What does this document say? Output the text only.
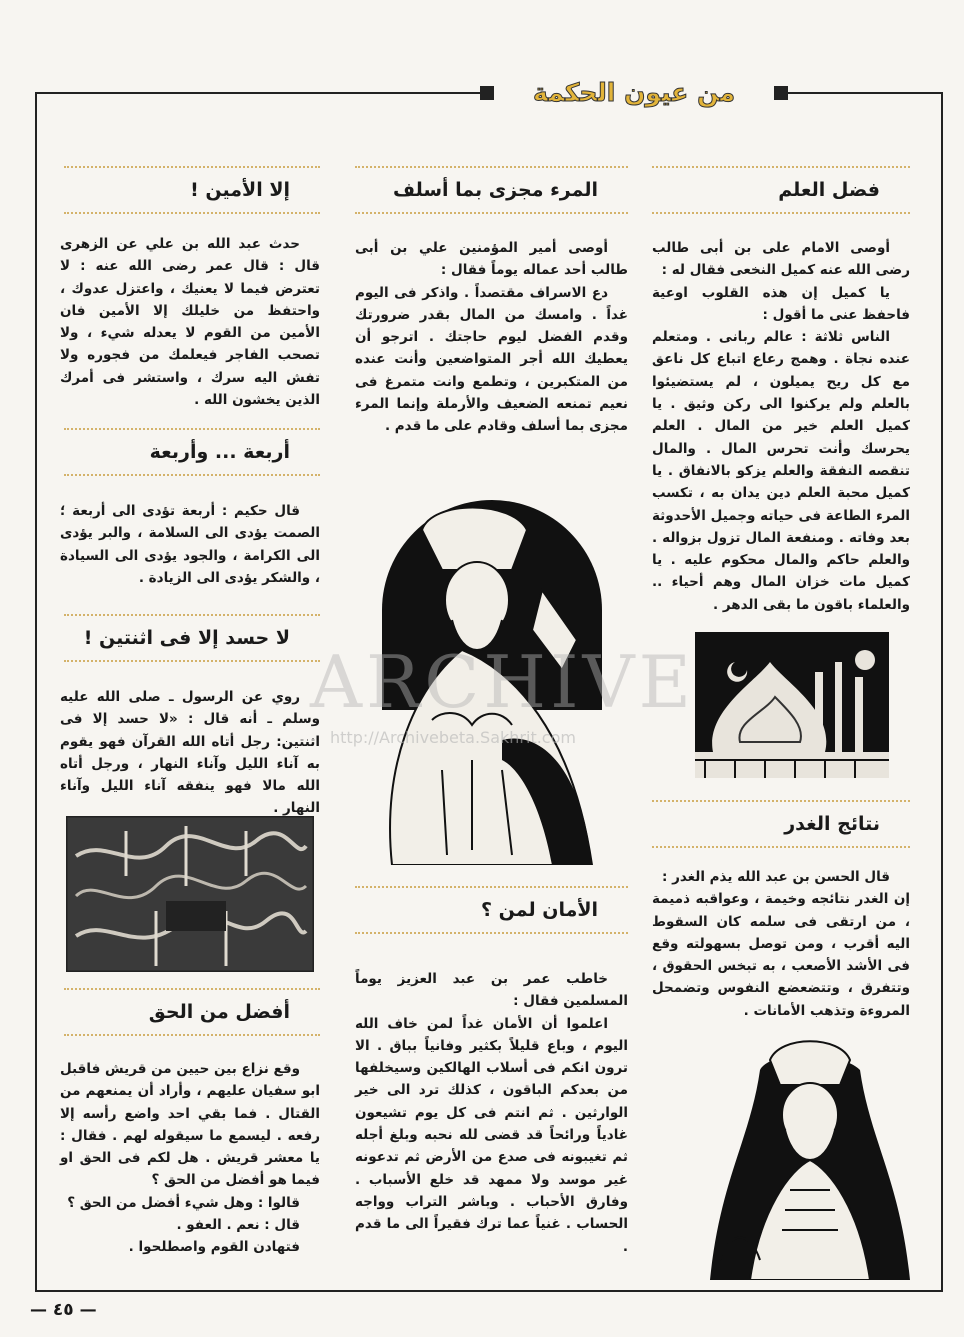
من عيون الحكمة
فضل العلم

أوصى الامام على بن أبى طالب رضى الله عنه كميل النخعى فقال له :

يا كميل إن هذه القلوب اوعية فاحفظ عنى ما أقول :

الناس ثلاثة : عالم ربانى . ومتعلم عنده نجاة . وهمج رعاع اتباع كل ناعق مع كل ريح يميلون ، لم يستضيئوا بالعلم ولم يركنوا الى ركن وثيق . يا كميل العلم خير من المال . العلم يحرسك وأنت تحرس المال . والمال تنقصه النفقة والعلم يزكو بالانفاق . يا كميل محبة العلم دين يدان به ، تكسب المرء الطاعة فى حياته وجميل الأحدوثة بعد وفاته . ومنفعة المال تزول بزواله . والعلم حاكم والمال محكوم عليه . يا كميل مات خزان المال وهم أحياء .. والعلماء باقون ما بقى الدهر .

نتائج الغدر

قال الحسن بن عبد الله يذم الغدر :

إن الغدر نتائجه وخيمة ، وعواقبه ذميمة ، من ارتقى فى سلمه كان السقوط اليه أقرب ، ومن توصل بسهولته وقع فى الأشد الأصعب ، به تبخس الحقوق ، وتتفرق ، وتتضعضع النفوس وتضمحل المروءة وتذهب الأمانات .

المرء مجزى بما أسلف

أوصى أمير المؤمنين علي بن أبى طالب أحد عماله يوماً فقال :

دع الاسراف مقتصداً . واذكر فى اليوم غداً . وامسك من المال بقدر ضرورتك وقدم الفضل ليوم حاجتك . اترجو أن يعطيك الله أجر المتواضعين وأنت عنده من المتكبرين ، وتطمع وانت متمرغ فى نعيم تمنعه الضعيف والأرملة وإنما المرء مجزى بما أسلف وقادم على ما قدم .

الأمان لمن ؟

خاطب عمر بن عبد العزيز يوماً المسلمين فقال :

اعلموا أن الأمان غداً لمن خاف الله اليوم ، وباع قليلاً بكثير وفانياً بباق . الا ترون انكم فى أسلاب الهالكين وسيخلفها من بعدكم الباقون ، كذلك ترد الى خير الوارثين . ثم انتم فى كل يوم تشيعون غادياً ورائحاً قد قضى لله نحبه وبلغ أجله ثم تغيبونه فى صدع من الأرض ثم تدعونه غير موسد ولا ممهد قد خلع الأسباب . وفارق الأحباب . وباشر التراب وواجه الحساب . غنياً عما ترك فقيراً الى ما قدم .

إلا الأمين !

حدث عبد الله بن علي عن الزهرى قال : قال عمر رضى الله عنه : لا تعترض فيما لا يعنيك ، واعتزل عدوك ، واحتفظ من خليلك إلا الأمين فان الأمين من القوم لا يعدله شيء ، ولا تصحب الفاجر فيعلمك من فجوره ولا تفش اليه سرك ، واستشر فى أمرك الذين يخشون الله .

أربعة ... وأربعة

قال حكيم : أربعة تؤدى الى أربعة ؛ الصمت يؤدى الى السلامة ، والبر يؤدى الى الكرامة ، والجود يؤدى الى السيادة ، والشكر يؤدى الى الزيادة .

لا حسد إلا فى اثنتين !

روي عن الرسول ـ صلى الله عليه وسلم ـ أنه قال : «لا حسد إلا فى اثنتين: رجل أتاه الله القرآن فهو يقوم به آناء الليل وآناء النهار ، ورجل أتاه الله مالا فهو ينفقه آناء الليل وآناء النهار .

أفضل من الحق

وقع نزاع بين حيين من قريش فاقبل ابو سفيان عليهم ، وأراد أن يمنعهم من القتال . فما بقي احد واضع رأسه إلا رفعه . ليسمع ما سيقوله لهم . فقال : يا معشر قريش . هل لكم فى الحق او فيما هو أفضل من الحق ؟

قالوا : وهل شيء أفضل من الحق ؟

قال : نعم . العفو .

فتهادن القوم واصطلحوا .

ARCHIVE
http://Archivebeta.Sakhrit.com
— ٤٥ —
